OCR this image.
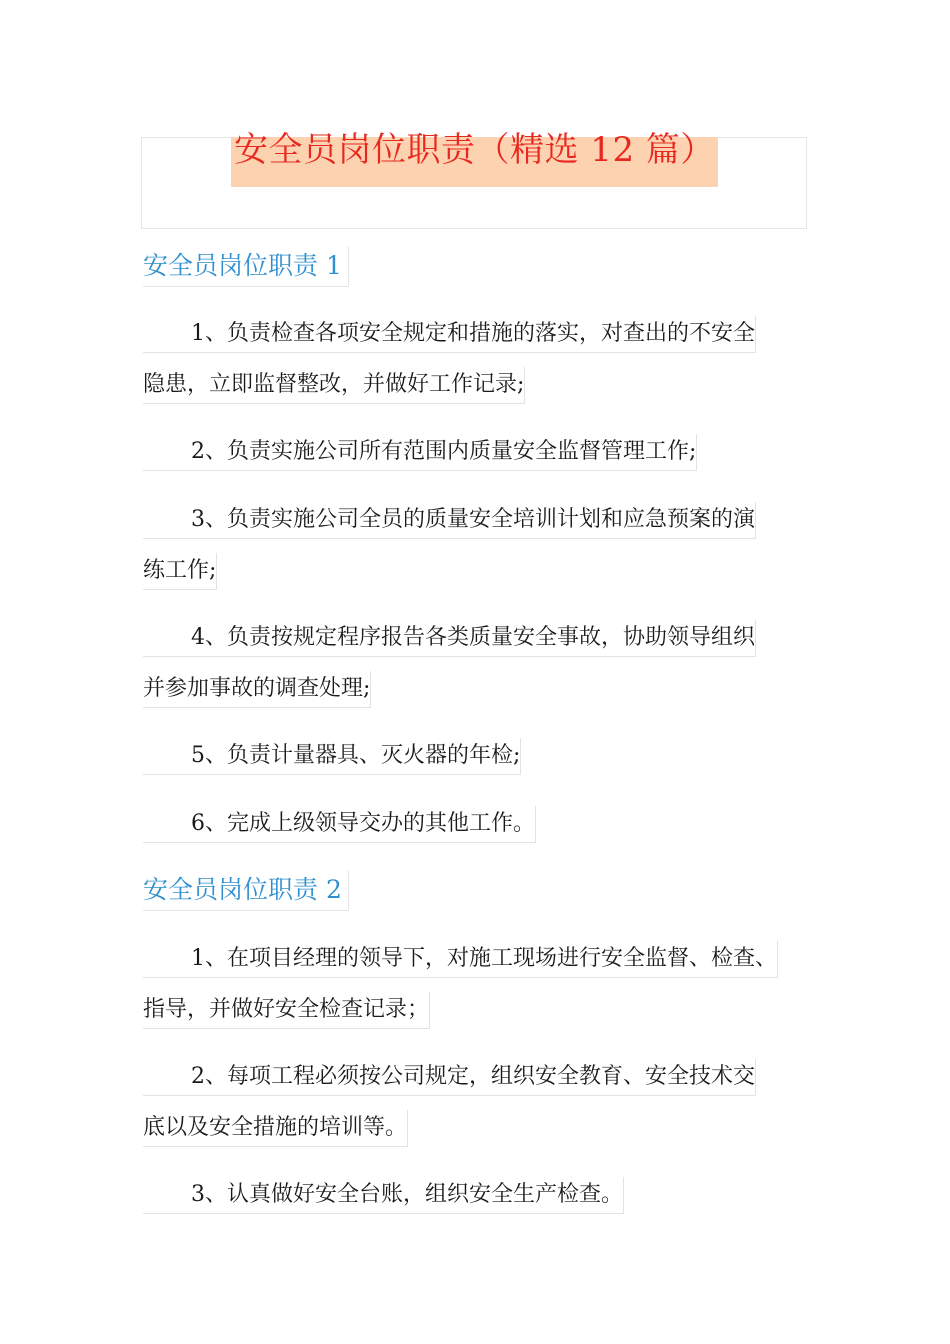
安全员岗位职责（精选 12 篇）
安全员岗位职责 1

1、负责检查各项安全规定和措施的落实，对查出的不安全

隐患，立即监督整改，并做好工作记录;

2、负责实施公司所有范围内质量安全监督管理工作;

3、负责实施公司全员的质量安全培训计划和应急预案的演

练工作;

4、负责按规定程序报告各类质量安全事故，协助领导组织

并参加事故的调查处理;

5、负责计量器具、灭火器的年检;

6、完成上级领导交办的其他工作。

安全员岗位职责 2

1、在项目经理的领导下，对施工现场进行安全监督、检查、

指导，并做好安全检查记录；

2、每项工程必须按公司规定，组织安全教育、安全技术交

底以及安全措施的培训等。

3、认真做好安全台账，组织安全生产检查。
